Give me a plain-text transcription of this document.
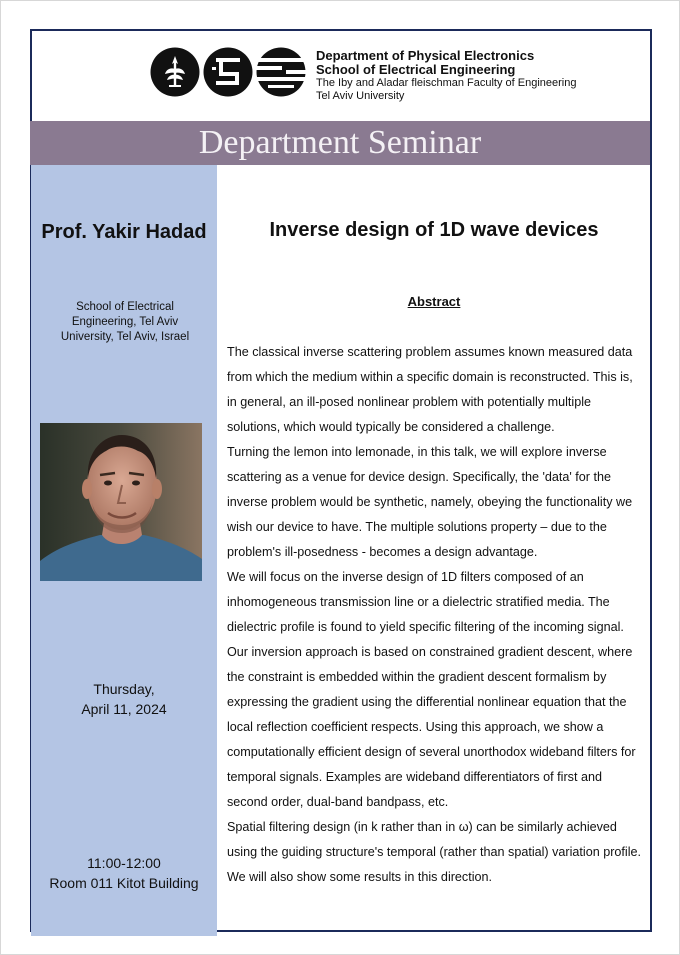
Department of Physical Electronics
School of Electrical Engineering
The Iby and Aladar fleischman Faculty of Engineering
Tel Aviv University
Department Seminar
Prof. Yakir Hadad
School of Electrical Engineering, Tel Aviv University, Tel Aviv, Israel
Thursday,
April 11, 2024
11:00-12:00
Room 011 Kitot Building
Inverse design of 1D wave devices
Abstract

The classical inverse scattering problem assumes known measured data from which the medium within a specific domain is reconstructed. This is, in general, an ill-posed nonlinear problem with potentially multiple solutions, which would typically be considered a challenge.

Turning the lemon into lemonade, in this talk, we will explore inverse scattering as a venue for device design. Specifically, the 'data' for the inverse problem would be synthetic, namely, obeying the functionality we wish our device to have. The multiple solutions property – due to the problem's ill-posedness - becomes a design advantage.

We will focus on the inverse design of 1D filters composed of an inhomogeneous transmission line or a dielectric stratified media. The dielectric profile is found to yield specific filtering of the incoming signal. Our inversion approach is based on constrained gradient descent, where the constraint is embedded within the gradient descent formalism by expressing the gradient using the differential nonlinear equation that the local reflection coefficient respects. Using this approach, we show a computationally efficient design of several unorthodox wideband filters for temporal signals. Examples are wideband differentiators of first and second order, dual-band bandpass, etc.

Spatial filtering design (in k rather than in ω) can be similarly achieved using the guiding structure's temporal (rather than spatial) variation profile. We will also show some results in this direction.
